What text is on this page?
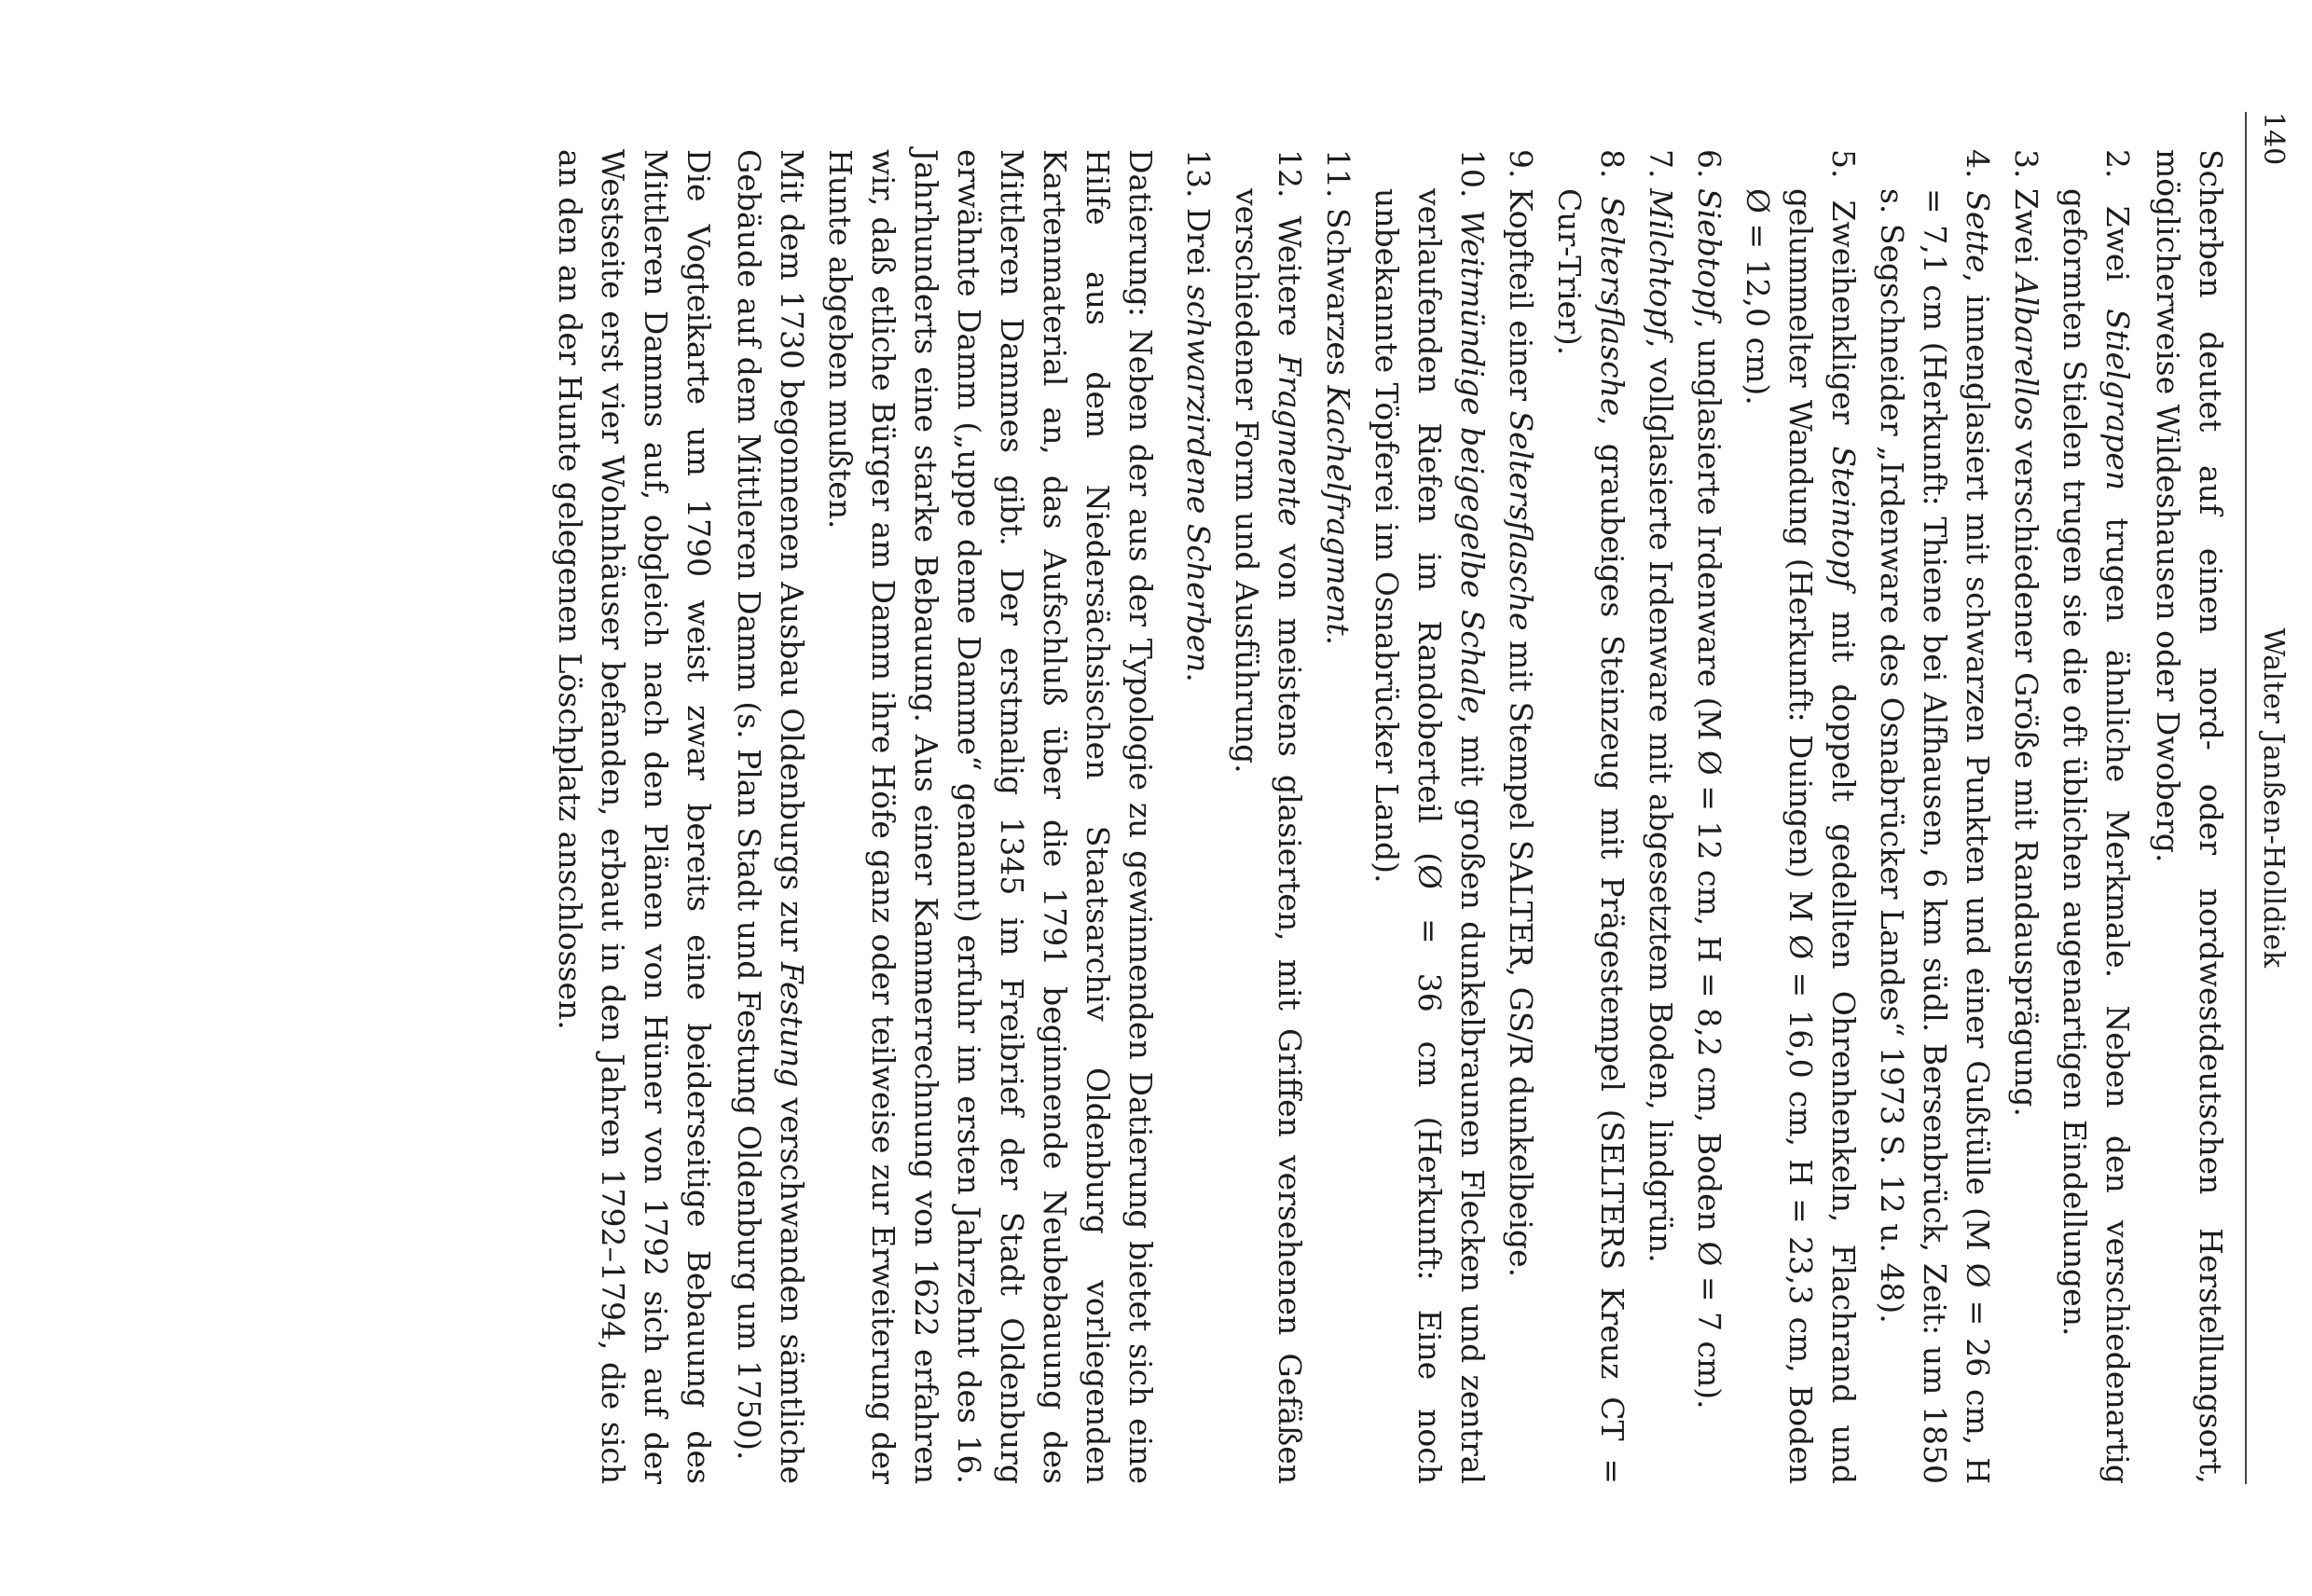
140
Walter Janßen-Holldiek

Scherben deutet auf einen nord- oder nordwestdeutschen Herstellungsort, möglicherweise Wildeshausen oder Dwoberg.

2. Zwei Stielgrapen trugen ähnliche Merkmale. Neben den verschiedenartig geformten Stielen trugen sie die oft üblichen augenartigen Eindellungen.

3. Zwei Albarellos verschiedener Größe mit Randausprägung.

4. Sette, innenglasiert mit schwarzen Punkten und einer Gußtülle (M Ø = 26 cm, H = 7,1 cm (Herkunft: Thiene bei Alfhausen, 6 km südl. Bersenbrück, Zeit: um 1850 s. Segschneider „Irdenware des Osnabrücker Landes“ 1973 S. 12 u. 48).

5. Zweihenkliger Steintopf mit doppelt gedellten Ohrenhenkeln, Flachrand und gelummelter Wandung (Herkunft: Duingen) M Ø = 16,0 cm, H = 23,3 cm, Boden Ø = 12,0 cm).

6. Siebtopf, unglasierte Irdenware (M Ø = 12 cm, H = 8,2 cm, Boden Ø = 7 cm).

7. Milchtopf, vollglasierte Irdenware mit abgesetztem Boden, lindgrün.

8. Seltersflasche, graubeiges Steinzeug mit Prägestempel (SELTERS Kreuz CT = Cur-Trier).

9. Kopfteil einer Seltersflasche mit Stempel SALTER, GS/R dunkelbeige.

10. Weitmündige beigegelbe Schale, mit großen dunkelbraunen Flecken und zentral verlaufenden Riefen im Randoberteil (Ø = 36 cm (Herkunft: Eine noch unbekannte Töpferei im Osnabrücker Land).

11. Schwarzes Kachelfragment.

12. Weitere Fragmente von meistens glasierten, mit Griffen versehenen Gefäßen verschiedener Form und Ausführung.

13. Drei schwarzirdene Scherben.

Datierung: Neben der aus der Typologie zu gewinnenden Datierung bietet sich eine Hilfe aus dem Niedersächsischen Staatsarchiv Oldenburg vorliegenden Kartenmaterial an, das Aufschluß über die 1791 beginnende Neubebauung des Mittleren Dammes gibt. Der erstmalig 1345 im Freibrief der Stadt Oldenburg erwähnte Damm („uppe deme Damme“ genannt) erfuhr im ersten Jahrzehnt des 16. Jahrhunderts eine starke Bebauung. Aus einer Kammerrechnung von 1622 erfahren wir, daß etliche Bürger am Damm ihre Höfe ganz oder teilweise zur Erweiterung der Hunte abgeben mußten.

Mit dem 1730 begonnenen Ausbau Oldenburgs zur Festung verschwanden sämtliche Gebäude auf dem Mittleren Damm (s. Plan Stadt und Festung Oldenburg um 1750).

Die Vogteikarte um 1790 weist zwar bereits eine beiderseitige Bebauung des Mittleren Damms auf, obgleich nach den Plänen von Hüner von 1792 sich auf der Westseite erst vier Wohnhäuser befanden, erbaut in den Jahren 1792–1794, die sich an den an der Hunte gelegenen Löschplatz anschlossen.
